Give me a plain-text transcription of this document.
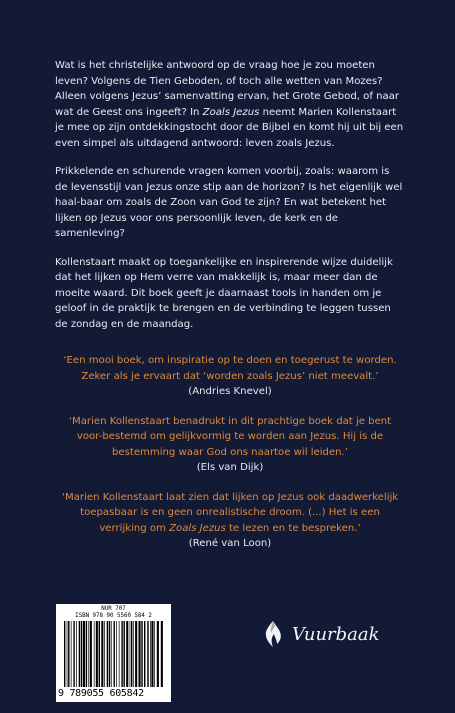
Wat is het christelijke antwoord op de vraag hoe je zou moeten leven? Volgens de Tien Geboden, of toch alle wetten van Mozes? Alleen volgens Jezus’ samenvatting ervan, het Grote Gebod, of naar wat de Geest ons ingeeft? In Zoals Jezus neemt Marien Kollenstaart je mee op zijn ontdekkingstocht door de Bijbel en komt hij uit bij een even simpel als uitdagend antwoord: leven zoals Jezus.

Prikkelende en schurende vragen komen voorbij, zoals: waarom is de levensstijl van Jezus onze stip aan de horizon? Is het eigenlijk wel haal-baar om zoals de Zoon van God te zijn? En wat betekent het lijken op Jezus voor ons persoonlijk leven, de kerk en de samenleving?

Kollenstaart maakt op toegankelijke en inspirerende wijze duidelijk dat het lijken op Hem verre van makkelijk is, maar meer dan de moeite waard. Dit boek geeft je daarnaast tools in handen om je geloof in de praktijk te brengen en de verbinding te leggen tussen de zondag en de maandag.

‘Een mooi boek, om inspiratie op te doen en toegerust te worden. Zeker als je ervaart dat ‘worden zoals Jezus’ niet meevalt.’

(Andries Knevel)

‘Marien Kollenstaart benadrukt in dit prachtige boek dat je bent voor-bestemd om gelijkvormig te worden aan Jezus. Hij is de bestemming waar God ons naartoe wil leiden.’

(Els van Dijk)

‘Marien Kollenstaart laat zien dat lijken op Jezus ook daadwerkelijk toepasbaar is en geen onrealistische droom. (...) Het is een verrijking om Zoals Jezus te lezen en te bespreken.’

(René van Loon)

NUR 707
ISBN 978 90 5560 584 2
9 789055 605842
Vuurbaak
